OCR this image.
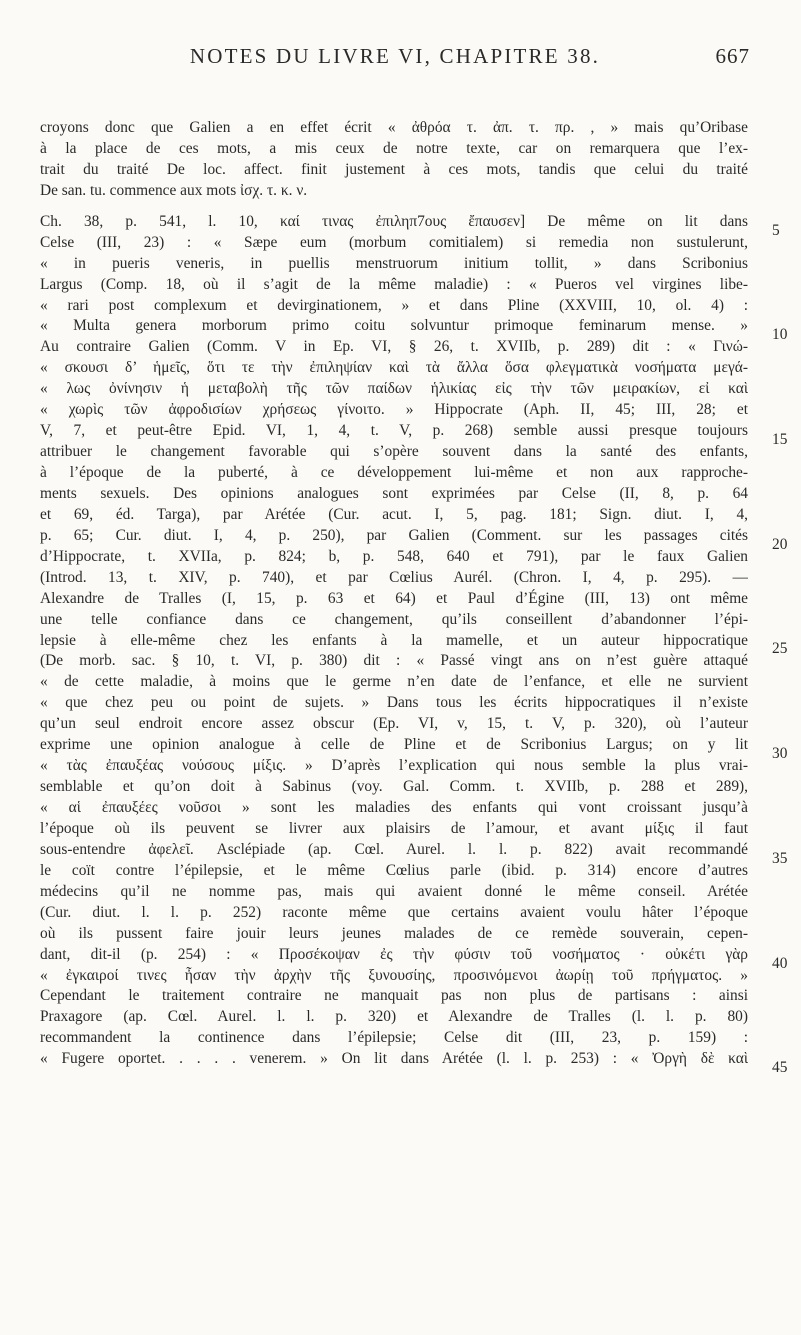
NOTES DU LIVRE VI, CHAPITRE 38.	667
croyons donc que Galien a en effet écrit « ἀθρόα τ. ἀπ. τ. πρ. , » mais qu’Oribase
à la place de ces mots, a mis ceux de notre texte, car on remarquera que l’ex-
trait du traité De loc. affect. finit justement à ces mots, tandis que celui du traité
De san. tu. commence aux mots ἰσχ. τ. κ. ν.
Ch. 38, p. 541, l. 10, καί τινας ἐπιληπ7ους ἔπαυσεν] De même on lit dans
Celse (III, 23) : « Sæpe eum (morbum comitialem) si remedia non sustulerunt,
« in pueris veneris, in puellis menstruorum initium tollit, » dans Scribonius
Largus (Comp. 18, où il s’agit de la même maladie) : « Pueros vel virgines libe-
« rari post complexum et devirginationem, » et dans Pline (XXVIII, 10, ol. 4) :
« Multa genera morborum primo coitu solvuntur primoque feminarum mense. »
Au contraire Galien (Comm. V in Ep. VI, § 26, t. XVIIb, p. 289) dit : « Γινώ-
« σκουσι δ’ ἡμεῖς, ὅτι τε τὴν ἐπιληψίαν καὶ τὰ ἄλλα ὅσα φλεγματικὰ νοσήματα μεγά-
« λως ὀνίνησιν ἡ μεταβολὴ τῆς τῶν παίδων ἡλικίας εἰς τὴν τῶν μειρακίων, εἰ καὶ
« χωρὶς τῶν ἀφροδισίων χρήσεως γίνοιτο. » Hippocrate (Aph. II, 45; III, 28; et
V, 7, et peut-être Epid. VI, 1, 4, t. V, p. 268) semble aussi presque toujours
attribuer le changement favorable qui s’opère souvent dans la santé des enfants,
à l’époque de la puberté, à ce développement lui-même et non aux rapproche-
ments sexuels. Des opinions analogues sont exprimées par Celse (II, 8, p. 64
et 69, éd. Targa), par Arétée (Cur. acut. I, 5, pag. 181; Sign. diut. I, 4,
p. 65; Cur. diut. I, 4, p. 250), par Galien (Comment. sur les passages cités
d’Hippocrate, t. XVIIa, p. 824; b, p. 548, 640 et 791), par le faux Galien
(Introd. 13, t. XIV, p. 740), et par Cœlius Aurél. (Chron. I, 4, p. 295). —
Alexandre de Tralles (I, 15, p. 63 et 64) et Paul d’Égine (III, 13) ont même
une telle confiance dans ce changement, qu’ils conseillent d’abandonner l’épi-
lepsie à elle-même chez les enfants à la mamelle, et un auteur hippocratique
(De morb. sac. § 10, t. VI, p. 380) dit : « Passé vingt ans on n’est guère attaqué
« de cette maladie, à moins que le germe n’en date de l’enfance, et elle ne survient
« que chez peu ou point de sujets. » Dans tous les écrits hippocratiques il n’existe
qu’un seul endroit encore assez obscur (Ep. VI, v, 15, t. V, p. 320), où l’auteur
exprime une opinion analogue à celle de Pline et de Scribonius Largus; on y lit
« τὰς ἐπαυξέας νούσους μίξις. » D’après l’explication qui nous semble la plus vrai-
semblable et qu’on doit à Sabinus (voy. Gal. Comm. t. XVIIb, p. 288 et 289),
« αἱ ἐπαυξέες νοῦσοι » sont les maladies des enfants qui vont croissant jusqu’à
l’époque où ils peuvent se livrer aux plaisirs de l’amour, et avant μίξις il faut
sous-entendre ἀφελεῖ. Asclépiade (ap. Cœl. Aurel. l. l. p. 822) avait recommandé
le coït contre l’épilepsie, et le même Cœlius parle (ibid. p. 314) encore d’autres
médecins qu’il ne nomme pas, mais qui avaient donné le même conseil. Arétée
(Cur. diut. l. l. p. 252) raconte même que certains avaient voulu hâter l’époque
où ils pussent faire jouir leurs jeunes malades de ce remède souverain, cepen-
dant, dit-il (p. 254) : « Προσέκοψαν ἐς τὴν φύσιν τοῦ νοσήματος · οὐκέτι γὰρ
« ἐγκαιροί τινες ἦσαν τὴν ἀρχὴν τῆς ξυνουσίης, προσινόμενοι ἀωρίῃ τοῦ πρήγματος. »
Cependant le traitement contraire ne manquait pas non plus de partisans : ainsi
Praxagore (ap. Cœl. Aurel. l. l. p. 320) et Alexandre de Tralles (l. l. p. 80)
recommandent la continence dans l’épilepsie; Celse dit (III, 23, p. 159) :
« Fugere oportet. . . . . venerem. » On lit dans Arétée (l. l. p. 253) : « Ὀργὴ δὲ καὶ
5
10
15
20
25
30
35
40
45
